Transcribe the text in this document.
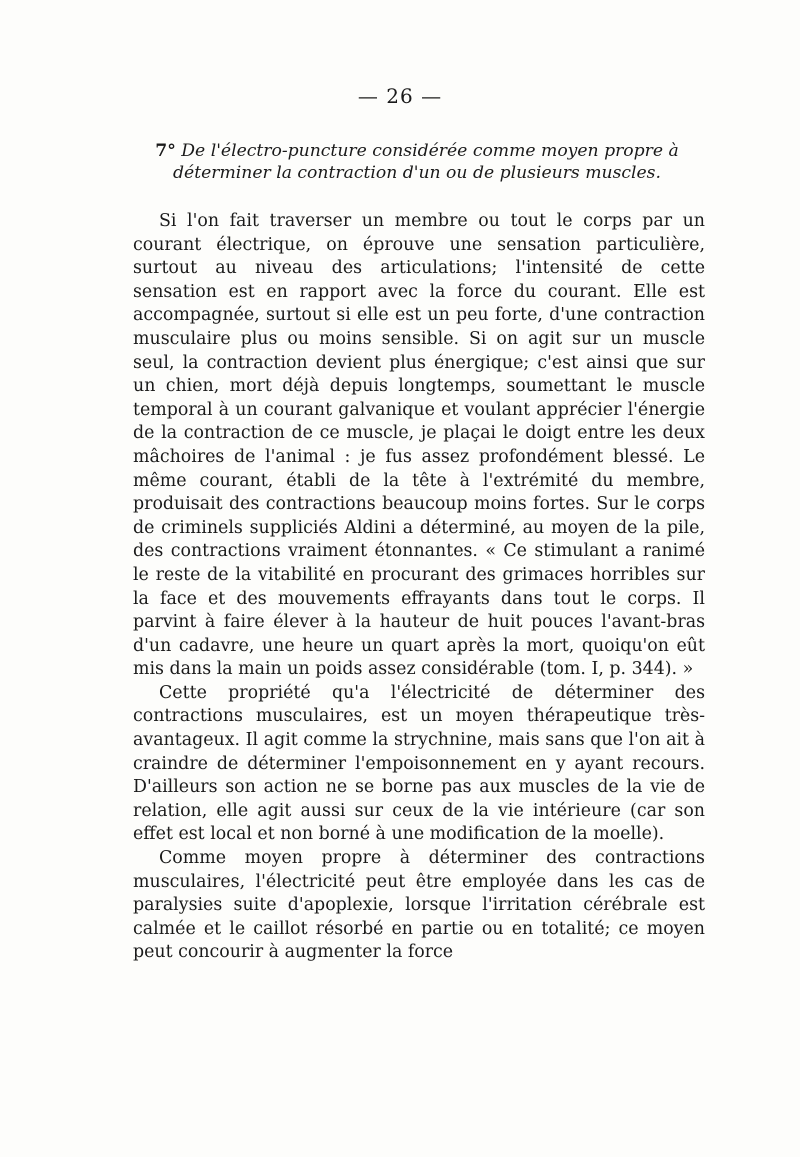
— 26 —
7° De l'électro-puncture considérée comme moyen propre à déterminer la contraction d'un ou de plusieurs muscles.

Si l'on fait traverser un membre ou tout le corps par un courant électrique, on éprouve une sensation particulière, surtout au niveau des articulations; l'intensité de cette sensation est en rapport avec la force du courant. Elle est accompagnée, surtout si elle est un peu forte, d'une contraction musculaire plus ou moins sensible. Si on agit sur un muscle seul, la contraction devient plus énergique; c'est ainsi que sur un chien, mort déjà depuis longtemps, soumettant le muscle temporal à un courant galvanique et voulant apprécier l'énergie de la contraction de ce muscle, je plaçai le doigt entre les deux mâchoires de l'animal : je fus assez profondément blessé. Le même courant, établi de la tête à l'extrémité du membre, produisait des contractions beaucoup moins fortes. Sur le corps de criminels suppliciés Aldini a déterminé, au moyen de la pile, des contractions vraiment étonnantes. « Ce stimulant a ranimé le reste de la vitabilité en procurant des grimaces horribles sur la face et des mouvements effrayants dans tout le corps. Il parvint à faire élever à la hauteur de huit pouces l'avant-bras d'un cadavre, une heure un quart après la mort, quoiqu'on eût mis dans la main un poids assez considérable (tom. I, p. 344). »

Cette propriété qu'a l'électricité de déterminer des contractions musculaires, est un moyen thérapeutique très-avantageux. Il agit comme la strychnine, mais sans que l'on ait à craindre de déterminer l'empoisonnement en y ayant recours. D'ailleurs son action ne se borne pas aux muscles de la vie de relation, elle agit aussi sur ceux de la vie intérieure (car son effet est local et non borné à une modification de la moelle).

Comme moyen propre à déterminer des contractions musculaires, l'électricité peut être employée dans les cas de paralysies suite d'apoplexie, lorsque l'irritation cérébrale est calmée et le caillot résorbé en partie ou en totalité; ce moyen peut concourir à augmenter la force
